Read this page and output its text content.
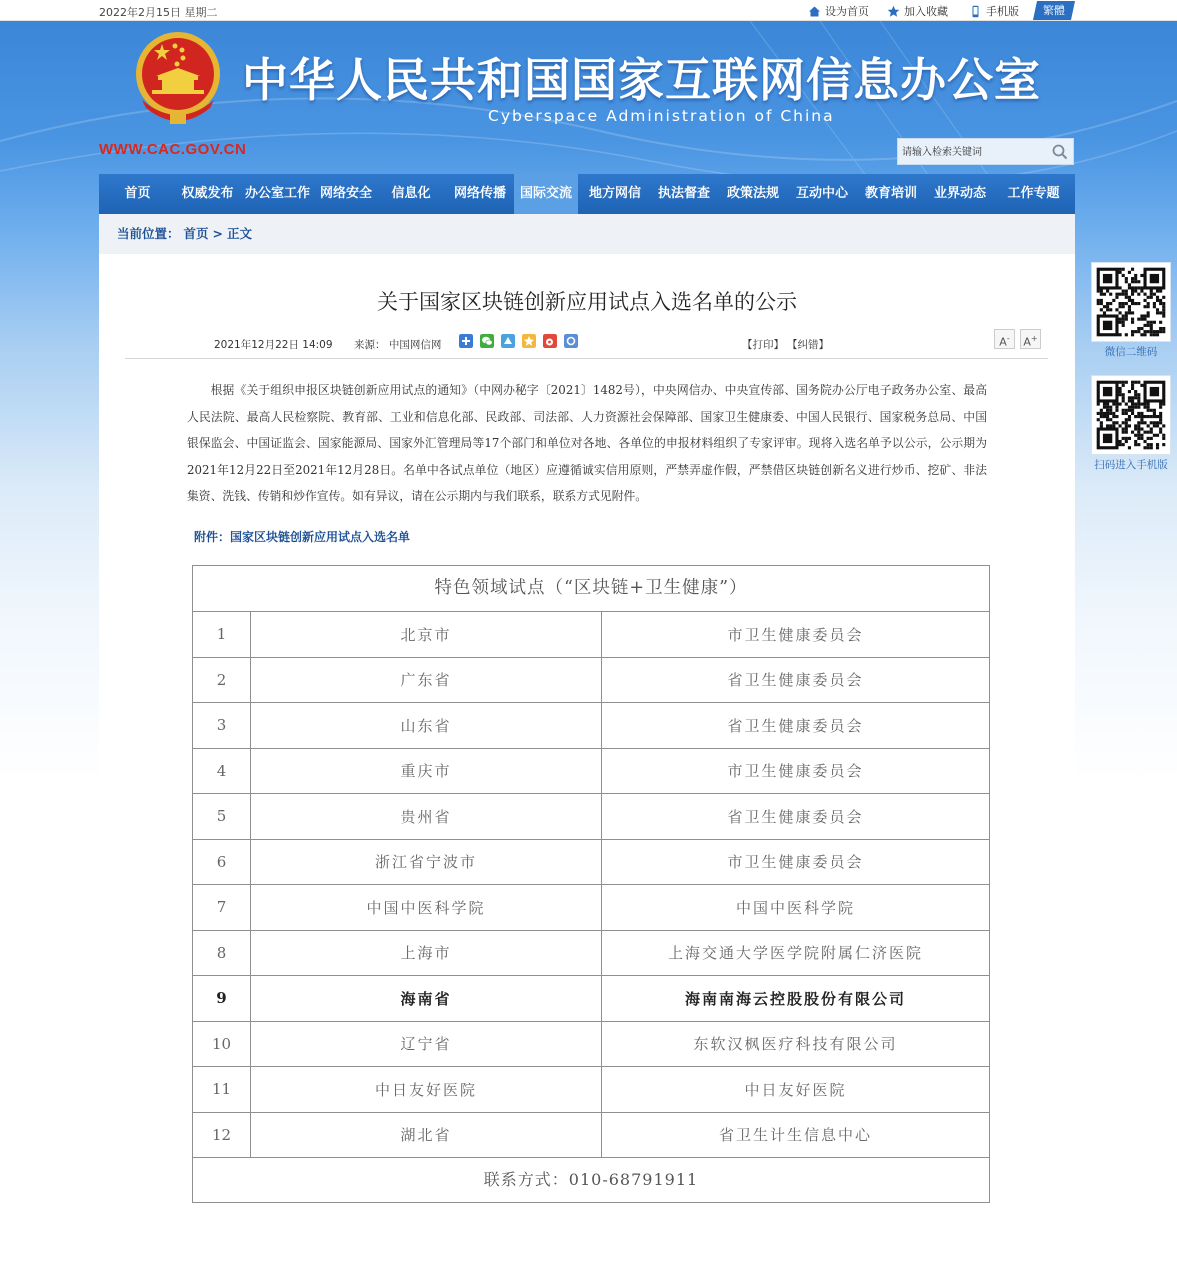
2022年2月15日 星期二	设为首页	加入收藏	手机版	繁體
中华人民共和国国家互联网信息办公室
Cyberspace Administration of China
WWW.CAC.GOV.CN
请输入检索关键词
首页	权威发布 办公室工作 网络安全	信息化	网络传播	国际交流	地方网信	执法督查	政策法规	互动中心	教育培训	业界动态	工作专题
当前位置： 首页 > 正文
关于国家区块链创新应用试点入选名单的公示
2021年12月22日 14:09 来源： 中国网信网	【打印】 【纠错】	A-	A+

根据《关于组织申报区块链创新应用试点的通知》（中网办秘字〔2021〕1482号），中央网信办、中央宣传部、国务院办公厅电子政务办公室、最高人民法院、最高人民检察院、教育部、工业和信息化部、民政部、司法部、人力资源社会保障部、国家卫生健康委、中国人民银行、国家税务总局、中国银保监会、中国证监会、国家能源局、国家外汇管理局等17个部门和单位对各地、各单位的申报材料组织了专家评审。现将入选名单予以公示，公示期为2021年12月22日至2021年12月28日。名单中各试点单位（地区）应遵循诚实信用原则，严禁弄虚作假，严禁借区块链创新名义进行炒币、挖矿、非法集资、洗钱、传销和炒作宣传。如有异议，请在公示期内与我们联系，联系方式见附件。

附件：国家区块链创新应用试点入选名单
特色领域试点（“区块链+卫生健康”）
1	北京市	市卫生健康委员会
2	广东省	省卫生健康委员会
3	山东省	省卫生健康委员会
4	重庆市	市卫生健康委员会
5	贵州省	省卫生健康委员会
6	浙江省宁波市	市卫生健康委员会
7	中国中医科学院	中国中医科学院
8	上海市	上海交通大学医学院附属仁济医院
9	海南省	海南南海云控股股份有限公司
10	辽宁省	东软汉枫医疗科技有限公司
11	中日友好医院	中日友好医院
12	湖北省	省卫生计生信息中心
联系方式：010-68791911
微信二维码
扫码进入手机版
